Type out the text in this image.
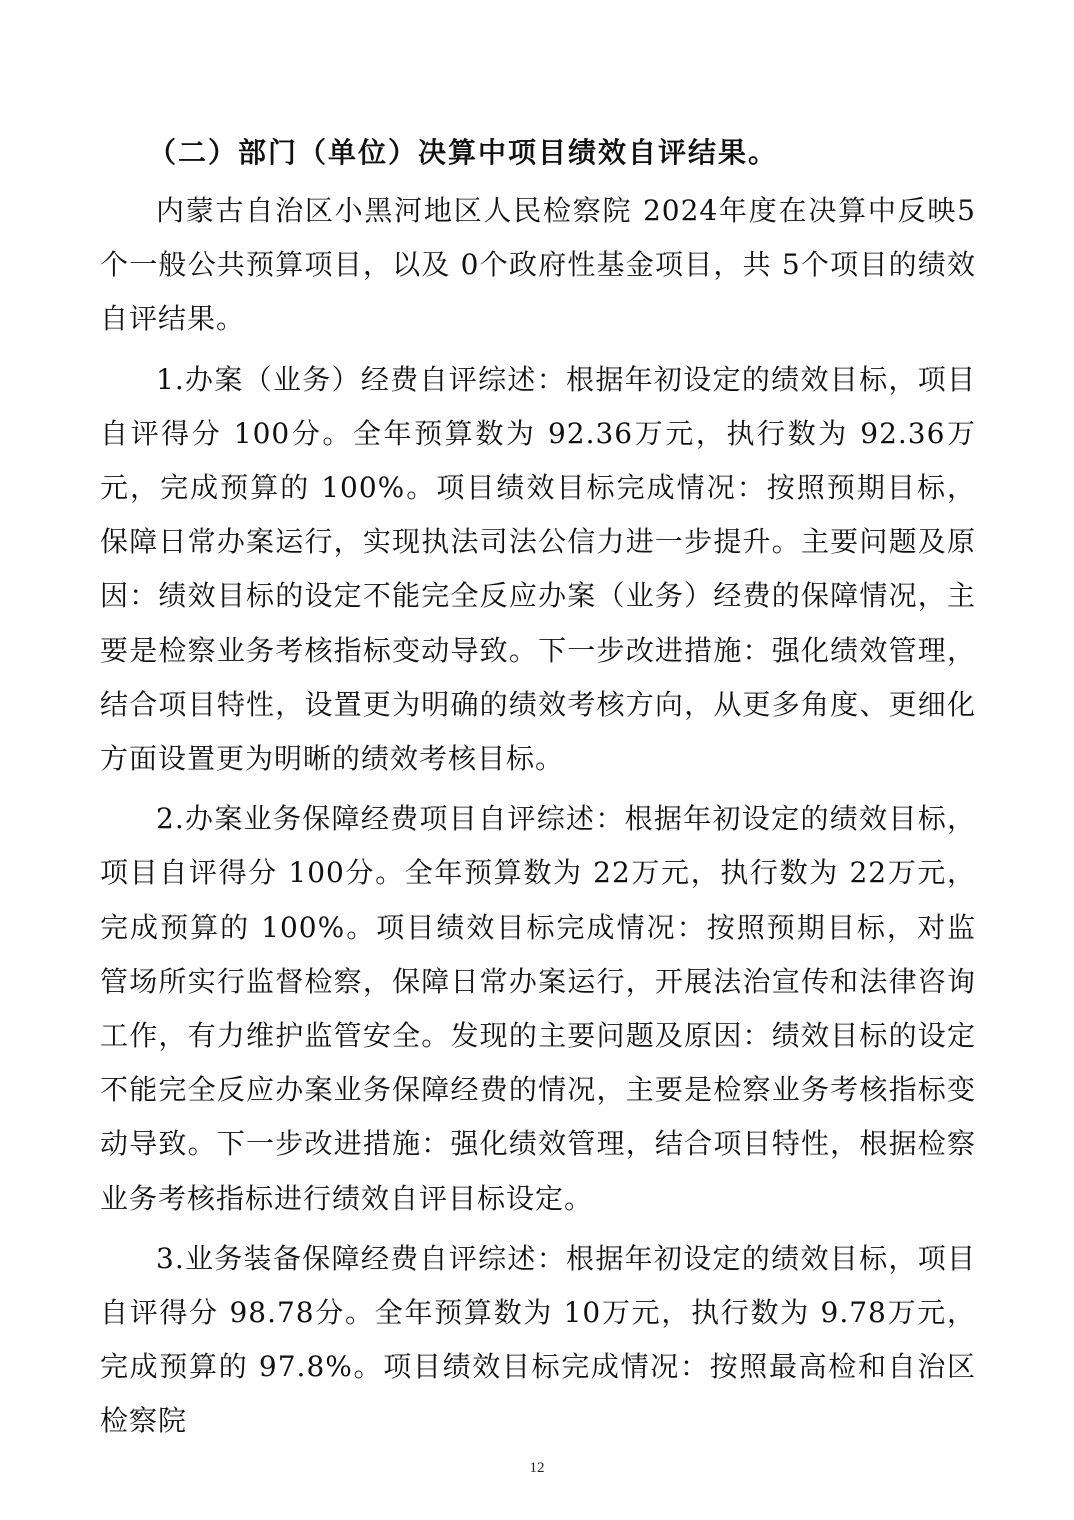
（二）部门（单位）决算中项目绩效自评结果。

内蒙古自治区小黑河地区人民检察院 2024年度在决算中反映5个一般公共预算项目，以及 0个政府性基金项目，共 5个项目的绩效自评结果。

1.办案（业务）经费自评综述：根据年初设定的绩效目标，项目自评得分 100分。全年预算数为 92.36万元，执行数为 92.36万元，完成预算的 100%。项目绩效目标完成情况：按照预期目标，保障日常办案运行，实现执法司法公信力进一步提升。主要问题及原因：绩效目标的设定不能完全反应办案（业务）经费的保障情况，主要是检察业务考核指标变动导致。下一步改进措施：强化绩效管理，结合项目特性，设置更为明确的绩效考核方向，从更多角度、更细化方面设置更为明晰的绩效考核目标。

2.办案业务保障经费项目自评综述：根据年初设定的绩效目标，项目自评得分 100分。全年预算数为 22万元，执行数为 22万元，完成预算的 100%。项目绩效目标完成情况：按照预期目标，对监管场所实行监督检察，保障日常办案运行，开展法治宣传和法律咨询工作，有力维护监管安全。发现的主要问题及原因：绩效目标的设定不能完全反应办案业务保障经费的情况，主要是检察业务考核指标变动导致。下一步改进措施：强化绩效管理，结合项目特性，根据检察业务考核指标进行绩效自评目标设定。

3.业务装备保障经费自评综述：根据年初设定的绩效目标，项目自评得分 98.78分。全年预算数为 10万元，执行数为 9.78万元，完成预算的 97.8%。项目绩效目标完成情况：按照最高检和自治区检察院

12
